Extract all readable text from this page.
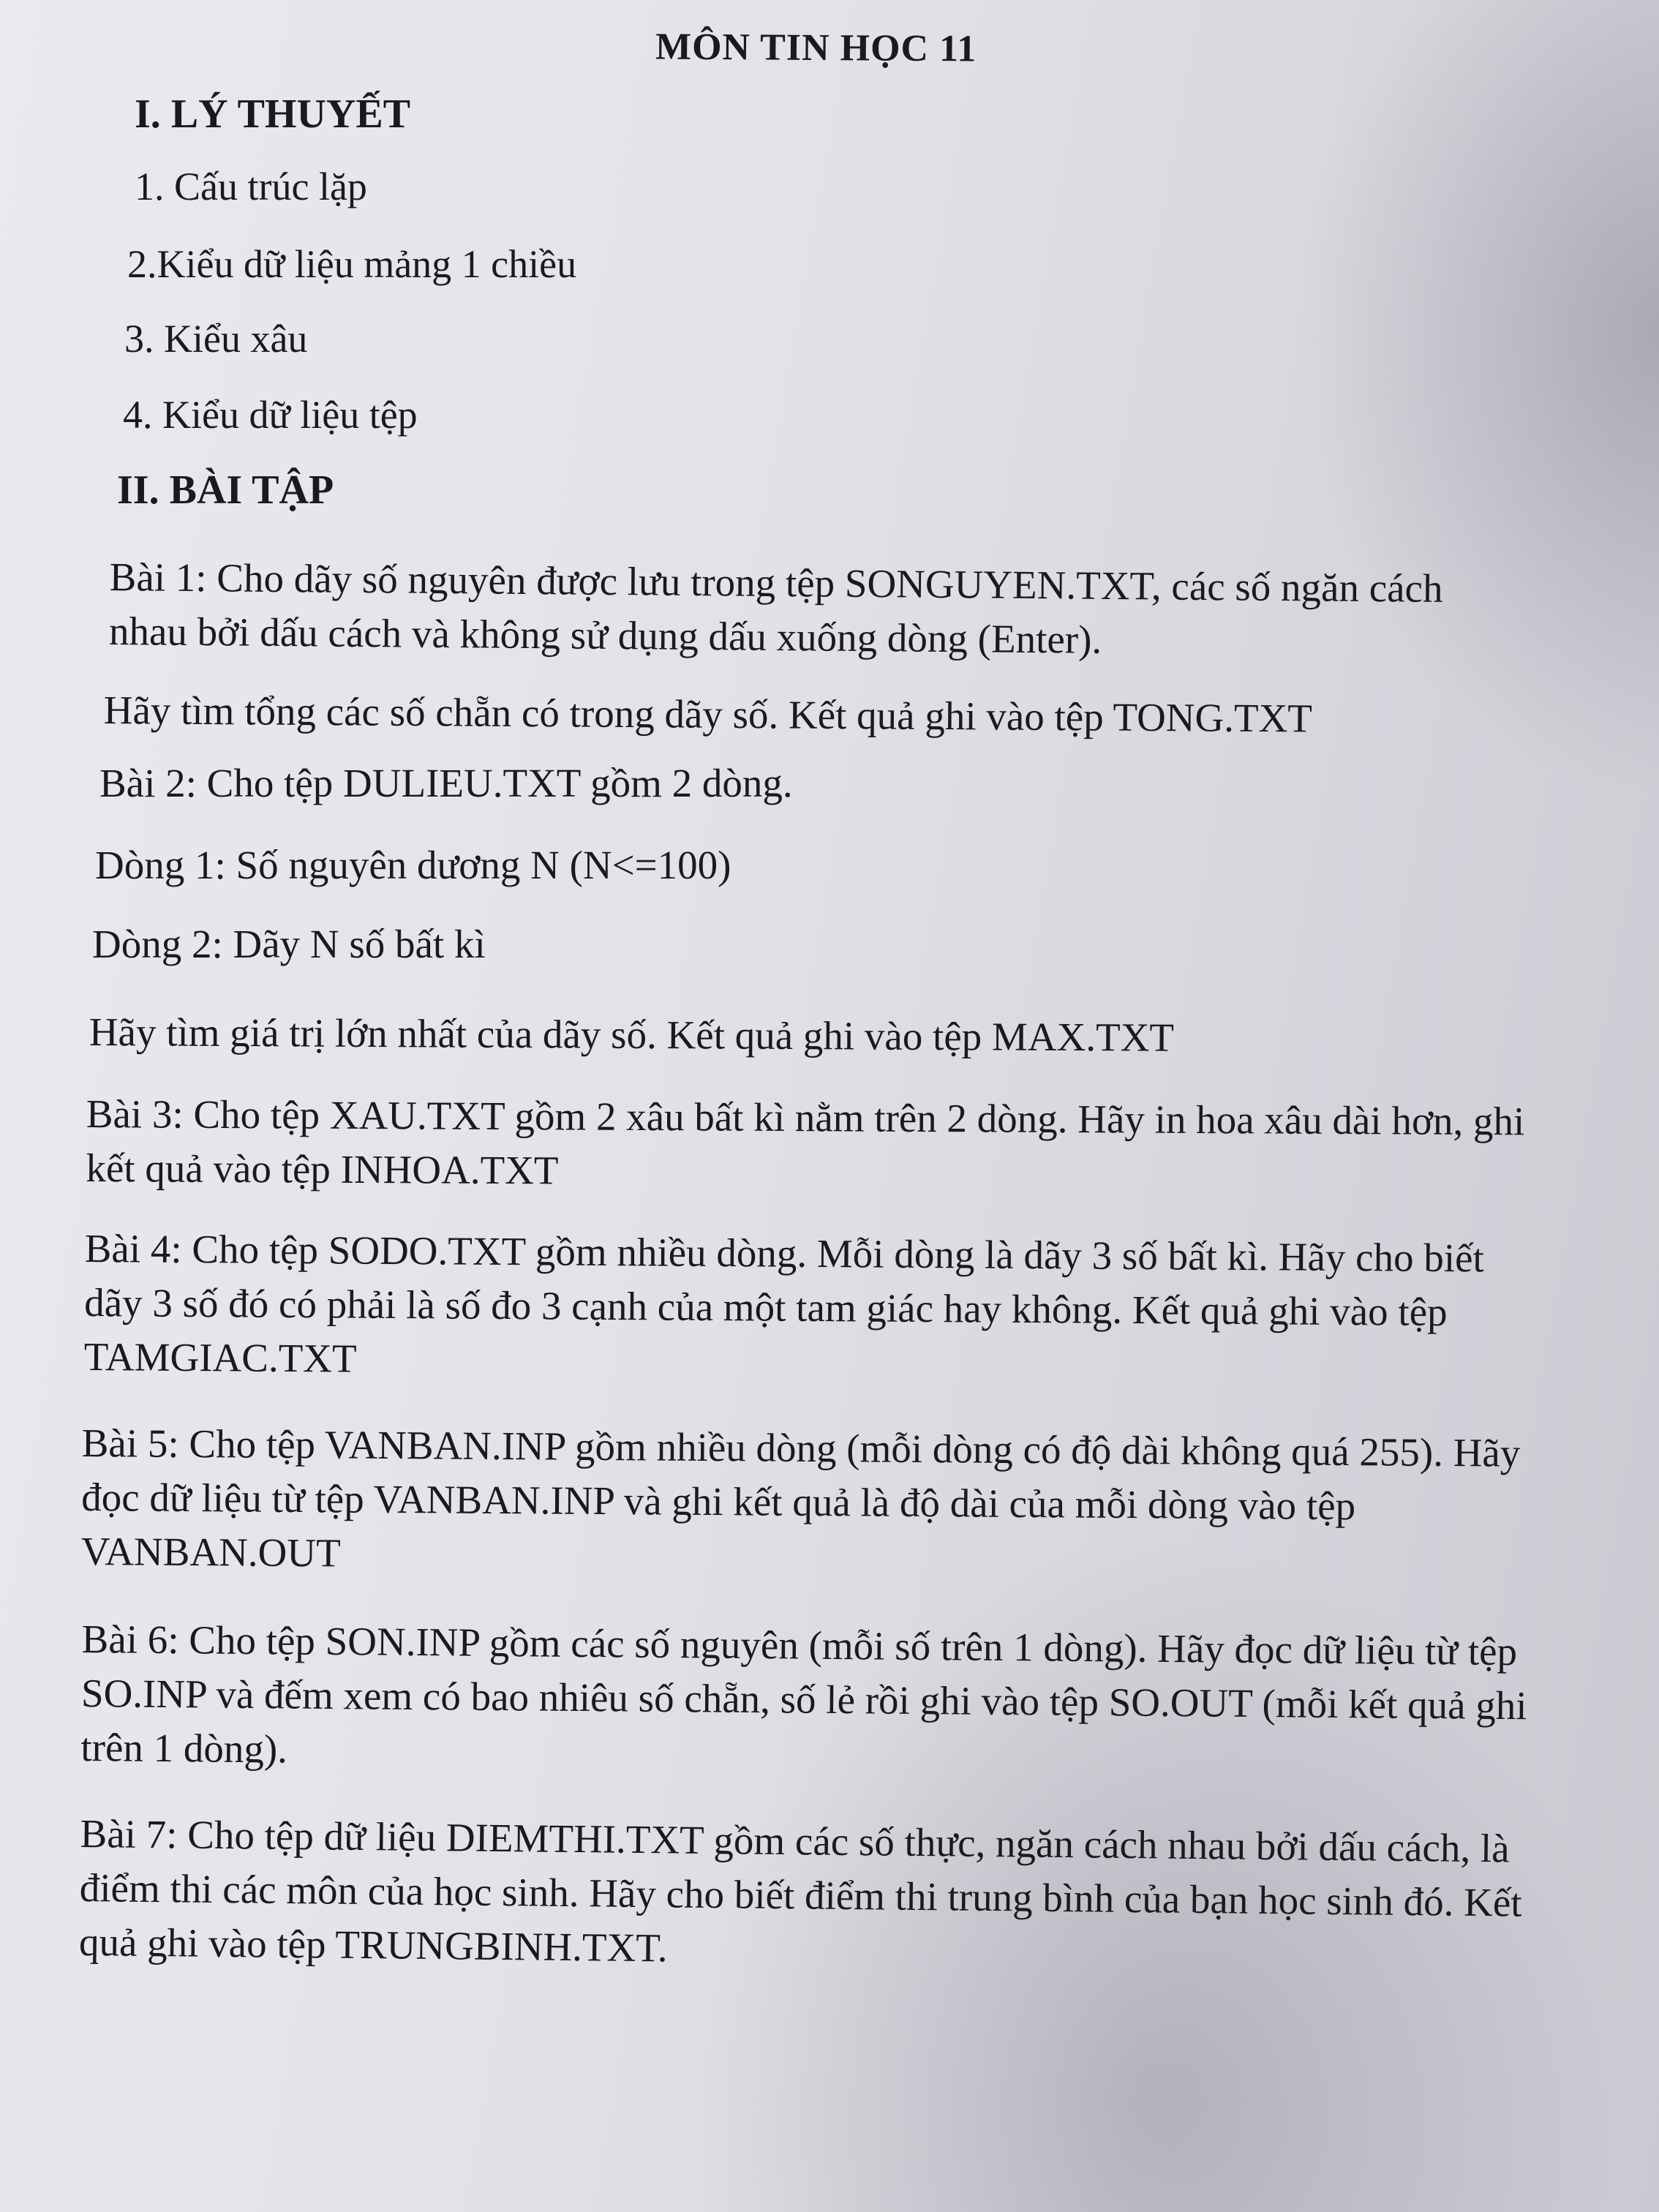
MÔN TIN HỌC 11
I. LÝ THUYẾT
1. Cấu trúc lặp
2.Kiểu dữ liệu mảng 1 chiều
3. Kiểu xâu
4. Kiểu dữ liệu tệp
II. BÀI TẬP
Bài 1: Cho dãy số nguyên được lưu trong tệp SONGUYEN.TXT, các số ngăn cách nhau bởi dấu cách và không sử dụng dấu xuống dòng (Enter).
Hãy tìm tổng các số chẵn có trong dãy số. Kết quả ghi vào tệp TONG.TXT
Bài 2: Cho tệp DULIEU.TXT gồm 2 dòng.
Dòng 1: Số nguyên dương N (N<=100)
Dòng 2: Dãy N số bất kì
Hãy tìm giá trị lớn nhất của dãy số. Kết quả ghi vào tệp MAX.TXT
Bài 3: Cho tệp XAU.TXT gồm 2 xâu bất kì nằm trên 2 dòng. Hãy in hoa xâu dài hơn, ghi kết quả vào tệp INHOA.TXT
Bài 4: Cho tệp SODO.TXT gồm nhiều dòng. Mỗi dòng là dãy 3 số bất kì. Hãy cho biết dãy 3 số đó có phải là số đo 3 cạnh của một tam giác hay không. Kết quả ghi vào tệp TAMGIAC.TXT
Bài 5: Cho tệp VANBAN.INP gồm nhiều dòng (mỗi dòng có độ dài không quá 255). Hãy đọc dữ liệu từ tệp VANBAN.INP và ghi kết quả là độ dài của mỗi dòng vào tệp VANBAN.OUT
Bài 6: Cho tệp SON.INP gồm các số nguyên (mỗi số trên 1 dòng). Hãy đọc dữ liệu từ tệp SO.INP và đếm xem có bao nhiêu số chẵn, số lẻ rồi ghi vào tệp SO.OUT (mỗi kết quả ghi trên 1 dòng).
Bài 7: Cho tệp dữ liệu DIEMTHI.TXT gồm các số thực, ngăn cách nhau bởi dấu cách, là điểm thi các môn của học sinh. Hãy cho biết điểm thi trung bình của bạn học sinh đó. Kết quả ghi vào tệp TRUNGBINH.TXT.
